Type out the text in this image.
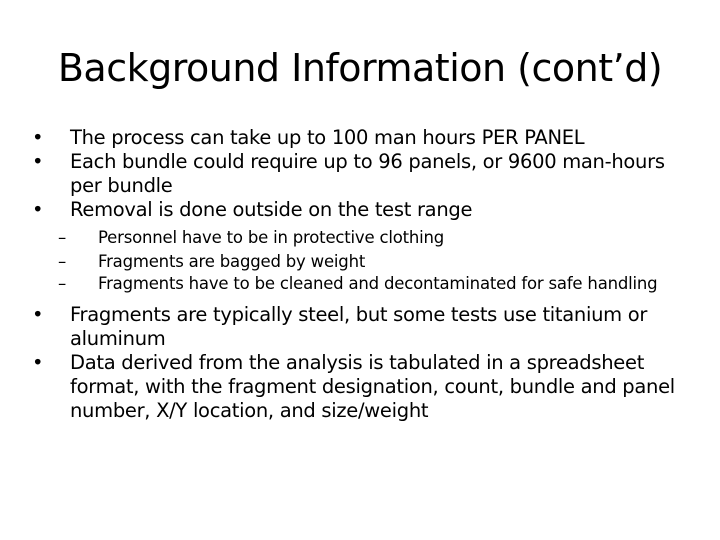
Background Information (cont’d)
•	The process can take up to 100 man hours PER PANEL
•	Each bundle could require up to 96 panels, or 9600 man-hours per bundle
•	Removal is done outside on the test range
–	Personnel have to be in protective clothing
–	Fragments are bagged by weight
–	Fragments have to be cleaned and decontaminated for safe handling
•	Fragments are typically steel, but some tests use titanium or aluminum
•	Data derived from the analysis is tabulated in a spreadsheet format, with the fragment designation, count, bundle and panel number, X/Y location, and size/weight
